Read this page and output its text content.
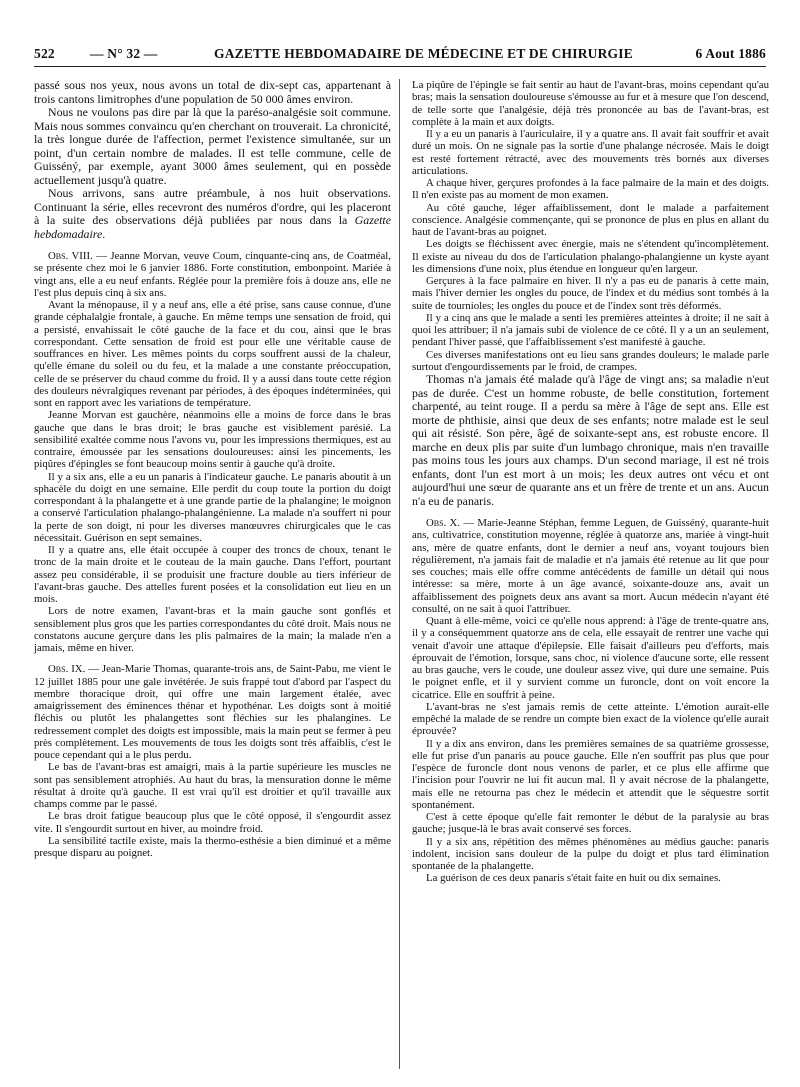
522	— N° 32 —	GAZETTE HEBDOMADAIRE DE MÉDECINE ET DE CHIRURGIE	6 Aout 1886

passé sous nos yeux, nous avons un total de dix-sept cas, appartenant à trois cantons limitrophes d'une population de 50 000 âmes environ.

Nous ne voulons pas dire par là que la paréso-analgésie soit commune. Mais nous sommes convaincu qu'en cherchant on trouverait. La chronicité, la très longue durée de l'affection, permet l'existence simultanée, sur un point, d'un certain nombre de malades. Il est telle commune, celle de Guisséný, par exemple, ayant 3000 âmes seulement, qui en possède actuellement jusqu'à quatre.

Nous arrivons, sans autre préambule, à nos huit observations. Continuant la série, elles recevront des numéros d'ordre, qui les placeront à la suite des observations déjà publiées par nous dans la Gazette hebdomadaire.

Obs. VIII. — Jeanne Morvan, veuve Coum, cinquante-cinq ans, de Coatméal, se présente chez moi le 6 janvier 1886. Forte constitution, embonpoint. Mariée à vingt ans, elle a eu neuf enfants. Réglée pour la première fois à douze ans, elle ne l'est plus depuis cinq à six ans.

Avant la ménopause, il y a neuf ans, elle a été prise, sans cause connue, d'une grande céphalalgie frontale, à gauche. En même temps une sensation de froid, qui a persisté, envahissait le côté gauche de la face et du cou, ainsi que le bras correspondant. Cette sensation de froid est pour elle une véritable cause de souffrances en hiver. Les mêmes points du corps souffrent aussi de la chaleur, qu'elle émane du soleil ou du feu, et la malade a une constante préoccupation, celle de se préserver du chaud comme du froid. Il y a aussi dans toute cette région des douleurs névralgiques revenant par périodes, à des époques indéterminées, qui sont en rapport avec les variations de température.

Jeanne Morvan est gauchère, néanmoins elle a moins de force dans le bras gauche que dans le bras droit; le bras gauche est visiblement parésié. La sensibilité exaltée comme nous l'avons vu, pour les impressions thermiques, est au contraire, émoussée par les sensations douloureuses: ainsi les pincements, les piqûres d'épingles se font beaucoup moins sentir à gauche qu'à droite.

Il y a six ans, elle a eu un panaris à l'indicateur gauche. Le panaris aboutit à un sphacèle du doigt en une semaine. Elle perdit du coup toute la portion du doigt correspondant à la phalangette et à une grande partie de la phalangine; le moignon a conservé l'articulation phalango-phalangénienne. La malade n'a souffert ni pour la perte de son doigt, ni pour les diverses manœuvres chirurgicales que le cas nécessitait. Guérison en sept semaines.

Il y a quatre ans, elle était occupée à couper des troncs de choux, tenant le tronc de la main droite et le couteau de la main gauche. Dans l'effort, pourtant assez peu considérable, il se produisit une fracture double au tiers inférieur de l'avant-bras gauche. Des attelles furent posées et la consolidation eut lieu en un mois.

Lors de notre examen, l'avant-bras et la main gauche sont gonflés et sensiblement plus gros que les parties correspondantes du côté droit. Mais nous ne constatons aucune gerçure dans les plis palmaires de la main; la malade n'en a jamais, même en hiver.

Obs. IX. — Jean-Marie Thomas, quarante-trois ans, de Saint-Pabu, me vient le 12 juillet 1885 pour une gale invétérée. Je suis frappé tout d'abord par l'aspect du membre thoracique droit, qui offre une main largement étalée, avec amaigrissement des éminences thénar et hypothénar. Les doigts sont à moitié fléchis ou plutôt les phalangettes sont fléchies sur les phalangines. Le redressement complet des doigts est impossible, mais la main peut se fermer à peu près complètement. Les mouvements de tous les doigts sont très affaiblis, c'est le pouce cependant qui a le plus perdu.

Le bas de l'avant-bras est amaigri, mais à la partie supérieure les muscles ne sont pas sensiblement atrophiés. Au haut du bras, la mensuration donne le même résultat à droite qu'à gauche. Il est vrai qu'il est droitier et qu'il travaille aux champs comme par le passé.

Le bras droit fatigue beaucoup plus que le côté opposé, il s'engourdit assez vite. Il s'engourdit surtout en hiver, au moindre froid.

La sensibilité tactile existe, mais la thermo-esthésie a bien diminué et a même presque disparu au poignet.

La piqûre de l'épingle se fait sentir au haut de l'avant-bras, moins cependant qu'au bras; mais la sensation douloureuse s'émousse au fur et à mesure que l'on descend, de telle sorte que l'analgésie, déjà très prononcée au bas de l'avant-bras, est complète à la main et aux doigts.

Il y a eu un panaris à l'auriculaire, il y a quatre ans. Il avait fait souffrir et avait duré un mois. On ne signale pas la sortie d'une phalange nécrosée. Mais le doigt est resté fortement rétracté, avec des mouvements très bornés aux diverses articulations.

A chaque hiver, gerçures profondes à la face palmaire de la main et des doigts. Il n'en existe pas au moment de mon examen.

Au côté gauche, léger affaiblissement, dont le malade a parfaitement conscience. Analgésie commençante, qui se prononce de plus en plus en allant du haut de l'avant-bras au poignet.

Les doigts se fléchissent avec énergie, mais ne s'étendent qu'incomplètement. Il existe au niveau du dos de l'articulation phalango-phalangienne un kyste ayant les dimensions d'une noix, plus étendue en longueur qu'en largeur.

Gerçures à la face palmaire en hiver. Il n'y a pas eu de panaris à cette main, mais l'hiver dernier les ongles du pouce, de l'index et du médius sont tombés à la suite de tournioles; les ongles du pouce et de l'index sont très déformés.

Il y a cinq ans que le malade a senti les premières atteintes à droite; il ne sait à quoi les attribuer; il n'a jamais subi de violence de ce côté. Il y a un an seulement, pendant l'hiver passé, que l'affaiblissement s'est manifesté à gauche.

Ces diverses manifestations ont eu lieu sans grandes douleurs; le malade parle surtout d'engourdissements par le froid, de crampes.

Thomas n'a jamais été malade qu'à l'âge de vingt ans; sa maladie n'eut pas de durée. C'est un homme robuste, de belle constitution, fortement charpenté, au teint rouge. Il a perdu sa mère à l'âge de sept ans. Elle est morte de phthisie, ainsi que deux de ses enfants; notre malade est le seul qui ait résisté. Son père, âgé de soixante-sept ans, est robuste encore. Il marche en deux plis par suite d'un lumbago chronique, mais n'en travaille pas moins tous les jours aux champs. D'un second mariage, il est né trois enfants, dont l'un est mort à un mois; les deux autres ont vécu et ont aujourd'hui une sœur de quarante ans et un frère de trente et un ans. Aucun n'a eu de panaris.

Obs. X. — Marie-Jeanne Stéphan, femme Leguen, de Guisséný, quarante-huit ans, cultivatrice, constitution moyenne, réglée à quatorze ans, mariée à vingt-huit ans, mère de quatre enfants, dont le dernier a neuf ans, voyant toujours bien régulièrement, n'a jamais fait de maladie et n'a jamais été retenue au lit que pour ses couches; mais elle offre comme antécédents de famille un détail qui nous intéresse: sa mère, morte à un âge avancé, soixante-douze ans, avait un affaiblissement des poignets deux ans avant sa mort. Aucun médecin n'ayant été consulté, on ne sait à quoi l'attribuer.

Quant à elle-même, voici ce qu'elle nous apprend: à l'âge de trente-quatre ans, il y a conséquemment quatorze ans de cela, elle essayait de rentrer une vache qui venait d'avoir une attaque d'épilepsie. Elle faisait d'ailleurs peu d'efforts, mais éprouvait de l'émotion, lorsque, sans choc, ni violence d'aucune sorte, elle ressent au bras gauche, vers le coude, une douleur assez vive, qui dure une semaine. Puis le poignet enfle, et il y survient comme un furoncle, dont on voit encore la cicatrice. Elle en souffrit à peine.

L'avant-bras ne s'est jamais remis de cette atteinte. L'émotion aurait-elle empêché la malade de se rendre un compte bien exact de la violence qu'elle aurait éprouvée?

Il y a dix ans environ, dans les premières semaines de sa quatrième grossesse, elle fut prise d'un panaris au pouce gauche. Elle n'en souffrit pas plus que pour l'espèce de furoncle dont nous venons de parler, et ce plus elle affirme que l'incision pour l'ouvrir ne lui fit aucun mal. Il y avait nécrose de la phalangette, mais elle ne retourna pas chez le médecin et attendit que le séquestre sortit spontanément.

C'est à cette époque qu'elle fait remonter le début de la paralysie au bras gauche; jusque-là le bras avait conservé ses forces.

Il y a six ans, répétition des mêmes phénomènes au médius gauche: panaris indolent, incision sans douleur de la pulpe du doigt et plus tard élimination spontanée de la phalangette.

La guérison de ces deux panaris s'était faite en huit ou dix semaines.
